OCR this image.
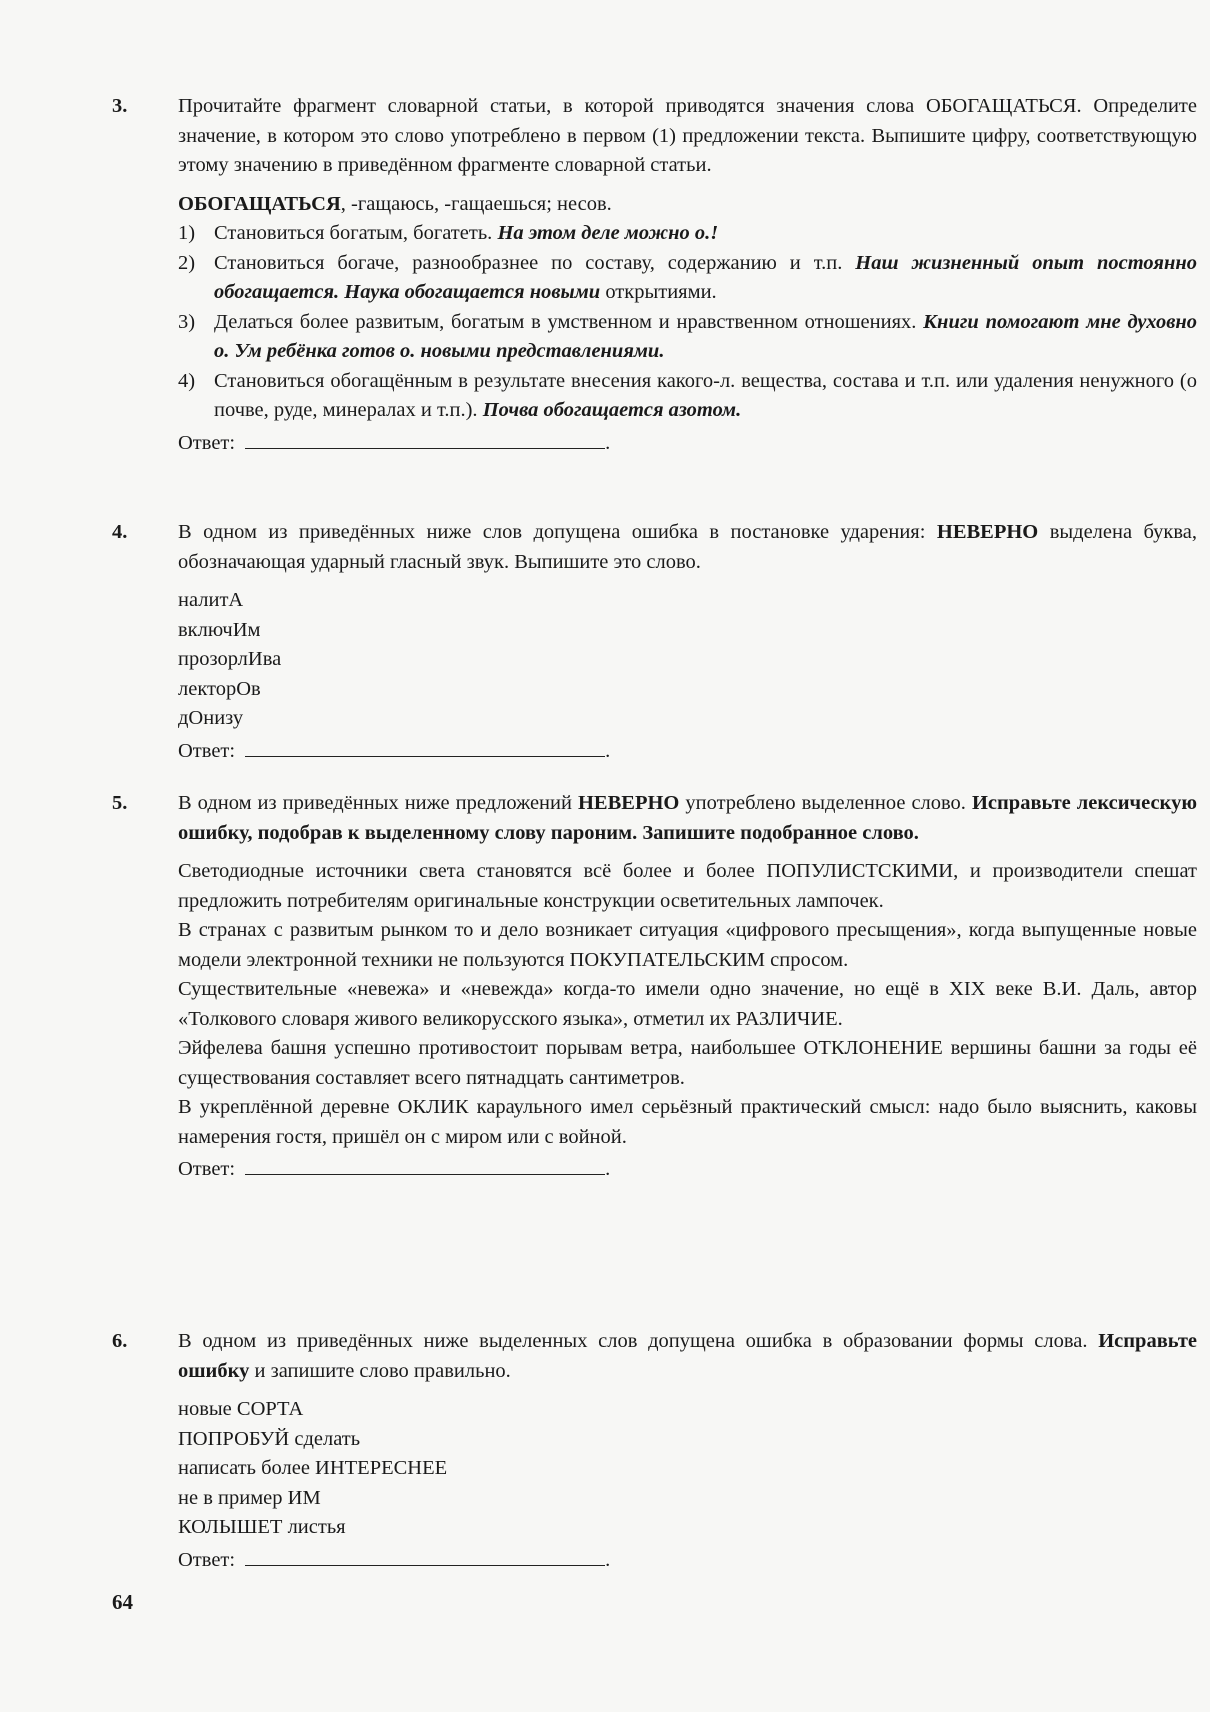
3.	Прочитайте фрагмент словарной статьи, в которой приводятся значения слова ОБОГАЩАТЬСЯ. Определите значение, в котором это слово употреблено в первом (1) предложении текста. Выпишите цифру, соответствующую этому значению в приведённом фрагменте словарной статьи.

ОБОГАЩАТЬСЯ, -гащаюсь, -гащаешься; несов.

1) Становиться богатым, богатеть. На этом деле можно о.!
2) Становиться богаче, разнообразнее по составу, содержанию и т.п. Наш жизненный опыт постоянно обогащается. Наука обогащается новыми открытиями.
3) Делаться более развитым, богатым в умственном и нравственном отношениях. Книги помогают мне духовно о. Ум ребёнка готов о. новыми представлениями.
4) Становиться обогащённым в результате внесения какого-л. вещества, состава и т.п. или удаления ненужного (о почве, руде, минералах и т.п.). Почва обогащается азотом.
Ответ:	.
4.	В одном из приведённых ниже слов допущена ошибка в постановке ударения: НЕВЕРНО выделена буква, обозначающая ударный гласный звук. Выпишите это слово.

налитА

включИм

прозорлИва

лекторОв

дОнизу

Ответ:	.
5.	В одном из приведённых ниже предложений НЕВЕРНО употреблено выделенное слово. Исправьте лексическую ошибку, подобрав к выделенному слову пароним. Запишите подобранное слово.

Светодиодные источники света становятся всё более и более ПОПУЛИСТСКИМИ, и производители спешат предложить потребителям оригинальные конструкции осветительных лампочек.

В странах с развитым рынком то и дело возникает ситуация «цифрового пресыщения», когда выпущенные новые модели электронной техники не пользуются ПОКУПАТЕЛЬСКИМ спросом.

Существительные «невежа» и «невежда» когда-то имели одно значение, но ещё в XIX веке В.И. Даль, автор «Толкового словаря живого великорусского языка», отметил их РАЗЛИЧИЕ.

Эйфелева башня успешно противостоит порывам ветра, наибольшее ОТКЛОНЕНИЕ вершины башни за годы её существования составляет всего пятнадцать сантиметров.

В укреплённой деревне ОКЛИК караульного имел серьёзный практический смысл: надо было выяснить, каковы намерения гостя, пришёл он с миром или с войной.

Ответ:	.
6.	В одном из приведённых ниже выделенных слов допущена ошибка в образовании формы слова. Исправьте ошибку и запишите слово правильно.

новые СОРТА

ПОПРОБУЙ сделать

написать более ИНТЕРЕСНЕЕ

не в пример ИМ

КОЛЫШЕТ листья

Ответ:	.
64
